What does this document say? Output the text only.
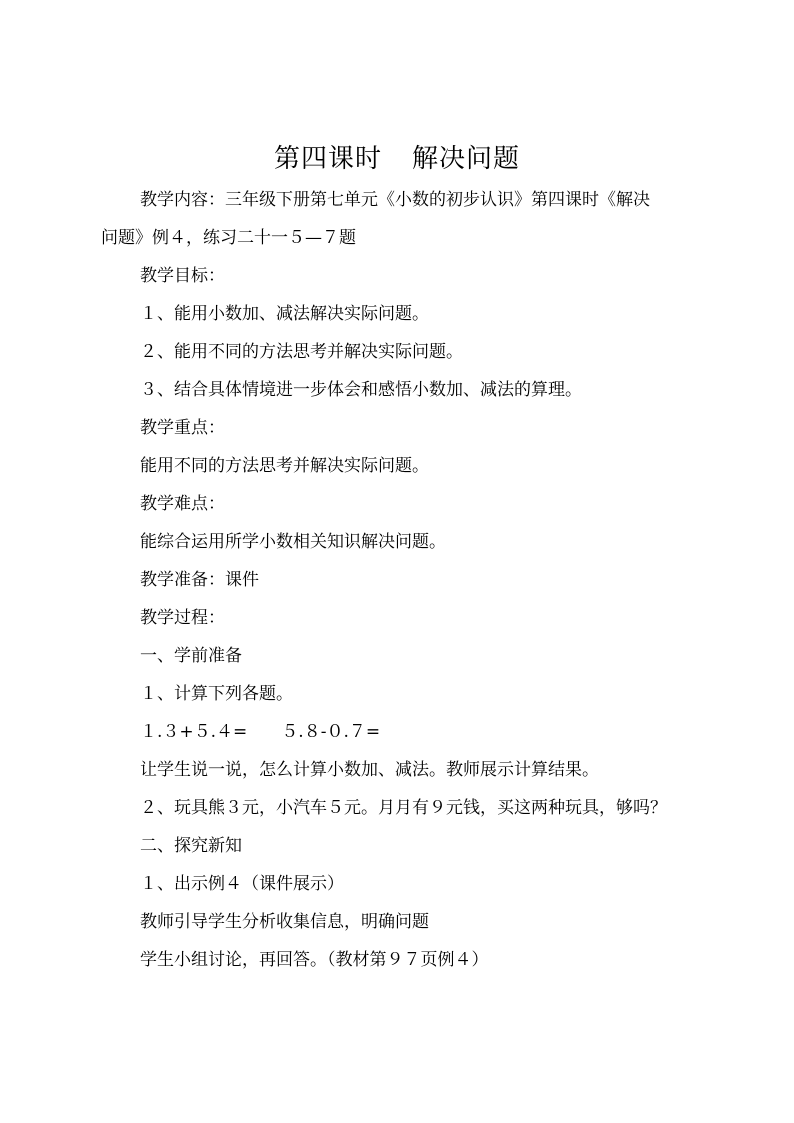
第四课时 解决问题
教学内容：三年级下册第七单元《小数的初步认识》第四课时《解决
问题》例４，练习二十一５—７题
教学目标：
１、能用小数加、减法解决实际问题。
２、能用不同的方法思考并解决实际问题。
３、结合具体情境进一步体会和感悟小数加、减法的算理。
教学重点：
能用不同的方法思考并解决实际问题。
教学难点：
能综合运用所学小数相关知识解决问题。
教学准备：课件
教学过程：
一、学前准备
１、计算下列各题。
１.３+５.４= ５.８-０.７=
让学生说一说，怎么计算小数加、减法。教师展示计算结果。
２、玩具熊３元，小汽车５元。月月有９元钱，买这两种玩具，够吗？
二、探究新知
１、出示例４（课件展示）
教师引导学生分析收集信息，明确问题
学生小组讨论，再回答。（教材第９７页例４）
